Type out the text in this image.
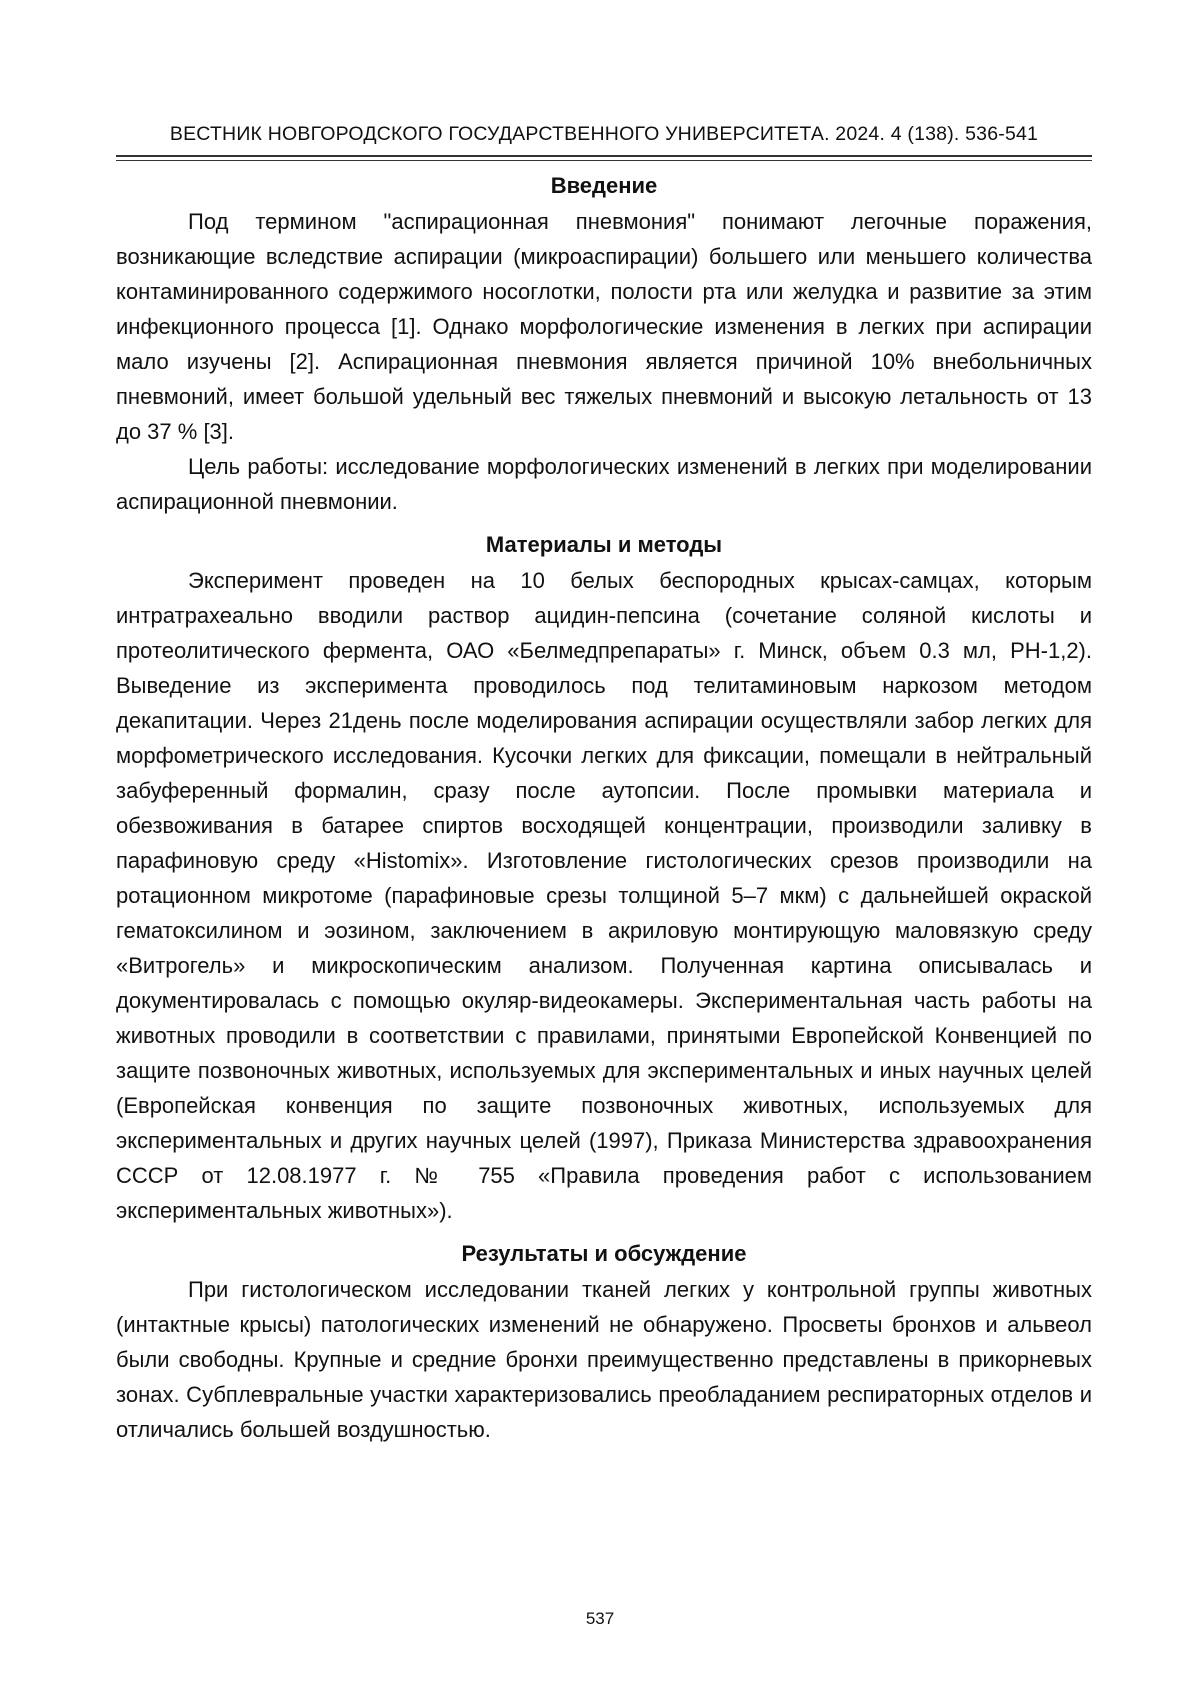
ВЕСТНИК НОВГОРОДСКОГО ГОСУДАРСТВЕННОГО УНИВЕРСИТЕТА. 2024. 4 (138). 536-541
Введение

Под термином "аспирационная пневмония" понимают легочные поражения, возникающие вследствие аспирации (микроаспирации) большего или меньшего количества контаминированного содержимого носоглотки, полости рта или желудка и развитие за этим инфекционного процесса [1]. Однако морфологические изменения в легких при аспирации мало изучены [2]. Аспирационная пневмония является причиной 10% внебольничных пневмоний, имеет большой удельный вес тяжелых пневмоний и высокую летальность от 13 до 37 % [3].

Цель работы: исследование морфологических изменений в легких при моделировании аспирационной пневмонии.

Материалы и методы

Эксперимент проведен на 10 белых беспородных крысах-самцах, которым интратрахеально вводили раствор ацидин-пепсина (сочетание соляной кислоты и протеолитического фермента, ОАО «Белмедпрепараты» г. Минск, объем 0.3 мл, PH-1,2). Выведение из эксперимента проводилось под телитаминовым наркозом методом декапитации. Через 21день после моделирования аспирации осуществляли забор легких для морфометрического исследования. Кусочки легких для фиксации, помещали в нейтральный забуференный формалин, сразу после аутопсии. После промывки материала и обезвоживания в батарее спиртов восходящей концентрации, производили заливку в парафиновую среду «Histomix». Изготовление гистологических срезов производили на ротационном микротоме (парафиновые срезы толщиной 5–7 мкм) с дальнейшей окраской гематоксилином и эозином, заключением в акриловую монтирующую маловязкую среду «Витрогель» и микроскопическим анализом. Полученная картина описывалась и документировалась с помощью окуляр-видеокамеры. Экспериментальная часть работы на животных проводили в соответствии с правилами, принятыми Европейской Конвенцией по защите позвоночных животных, используемых для экспериментальных и иных научных целей (Европейская конвенция по защите позвоночных животных, используемых для экспериментальных и других научных целей (1997), Приказа Министерства здравоохранения СССР от 12.08.1977 г. № 755 «Правила проведения работ с использованием экспериментальных животных»).

Результаты и обсуждение

При гистологическом исследовании тканей легких у контрольной группы животных (интактные крысы) патологических изменений не обнаружено. Просветы бронхов и альвеол были свободны. Крупные и средние бронхи преимущественно представлены в прикорневых зонах. Субплевральные участки характеризовались преобладанием респираторных отделов и отличались большей воздушностью.

537
